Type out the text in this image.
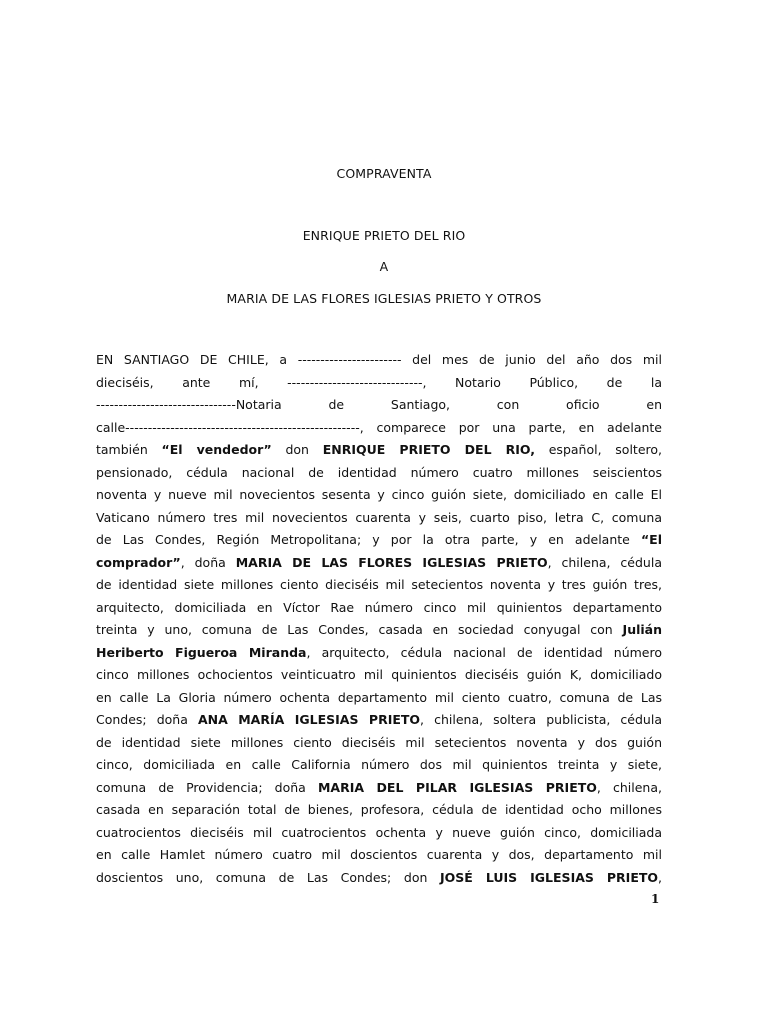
COMPRAVENTA
ENRIQUE PRIETO DEL RIO
A
MARIA DE LAS FLORES IGLESIAS PRIETO Y OTROS
EN SANTIAGO DE CHILE, a ----------------------- del mes de junio del año dos mil
dieciséis, ante mí, ------------------------------, Notario Público, de la
-------------------------------Notaria de Santiago, con oficio en
calle----------------------------------------------------, comparece por una parte, en adelante
también “El vendedor” don ENRIQUE PRIETO DEL RIO, español, soltero,
pensionado, cédula nacional de identidad número cuatro millones seiscientos
noventa y nueve mil novecientos sesenta y cinco guión siete, domiciliado en calle El
Vaticano número tres mil novecientos cuarenta y seis, cuarto piso, letra C, comuna
de Las Condes, Región Metropolitana; y por la otra parte, y en adelante “El
comprador”, doña MARIA DE LAS FLORES IGLESIAS PRIETO, chilena, cédula
de identidad siete millones ciento dieciséis mil setecientos noventa y tres guión tres,
arquitecto, domiciliada en Víctor Rae número cinco mil quinientos departamento
treinta y uno, comuna de Las Condes, casada en sociedad conyugal con Julián
Heriberto Figueroa Miranda, arquitecto, cédula nacional de identidad número
cinco millones ochocientos veinticuatro mil quinientos dieciséis guión K, domiciliado
en calle La Gloria número ochenta departamento mil ciento cuatro, comuna de Las
Condes; doña ANA MARÍA IGLESIAS PRIETO, chilena, soltera publicista, cédula
de identidad siete millones ciento dieciséis mil setecientos noventa y dos guión
cinco, domiciliada en calle California número dos mil quinientos treinta y siete,
comuna de Providencia; doña MARIA DEL PILAR IGLESIAS PRIETO, chilena,
casada en separación total de bienes, profesora, cédula de identidad ocho millones
cuatrocientos dieciséis mil cuatrocientos ochenta y nueve guión cinco, domiciliada
en calle Hamlet número cuatro mil doscientos cuarenta y dos, departamento mil
doscientos uno, comuna de Las Condes; don JOSÉ LUIS IGLESIAS PRIETO,
1
